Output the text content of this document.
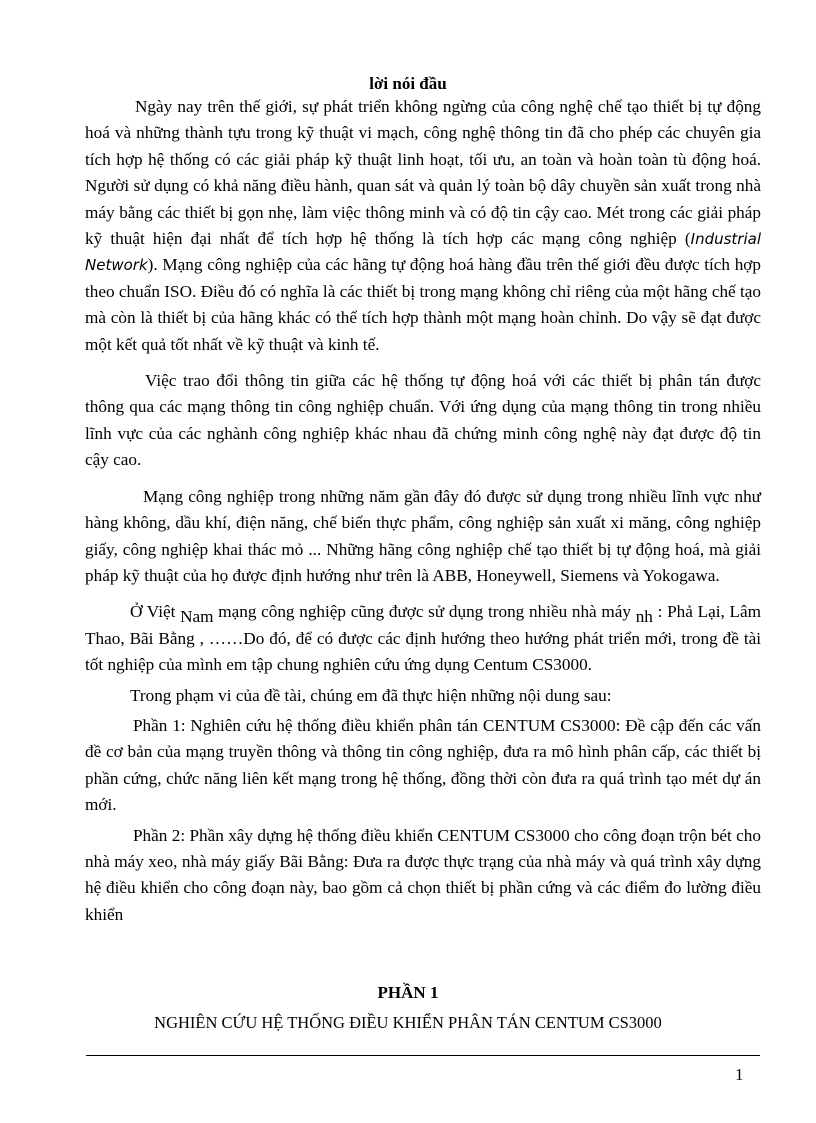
lời nói đầu

Ngày nay trên thế giới, sự phát triển không ngừng của công nghệ chế tạo thiết bị tự động hoá và những thành tựu trong kỹ thuật vi mạch, công nghệ thông tin đã cho phép các chuyên gia tích hợp hệ thống có các giải pháp kỹ thuật linh hoạt, tối ưu, an toàn và hoàn toàn tù động hoá. Người sử dụng có khả năng điều hành, quan sát và quản lý toàn bộ dây chuyền sản xuất trong nhà máy bằng các thiết bị gọn nhẹ, làm việc thông minh và có độ tin cậy cao. Mét trong các giải pháp kỹ thuật hiện đại nhất để tích hợp hệ thống là tích hợp các mạng công nghiệp (Industrial Network). Mạng công nghiệp của các hãng tự động hoá hàng đầu trên thế giới đều được tích hợp theo chuẩn ISO. Điều đó có nghĩa là các thiết bị trong mạng không chỉ riêng của một hãng chế tạo mà còn là thiết bị của hãng khác có thể tích hợp thành một mạng hoàn chỉnh. Do vậy sẽ đạt được một kết quả tốt nhất về kỹ thuật và kinh tế.

Việc trao đổi thông tin giữa các hệ thống tự động hoá với các thiết bị phân tán được thông qua các mạng thông tin công nghiệp chuẩn. Với ứng dụng của mạng thông tin trong nhiều lĩnh vực của các nghành công nghiệp khác nhau đã chứng minh công nghệ này đạt được độ tin cậy cao.

Mạng công nghiệp trong những năm gần đây đó được sử dụng trong nhiều lĩnh vực như hàng không, dầu khí, điện năng, chế biến thực phẩm, công nghiệp sản xuất xi măng, công nghiệp giấy, công nghiệp khai thác mỏ ... Những hãng công nghiệp chế tạo thiết bị tự động hoá, mà giải pháp kỹ thuật của họ được định hướng như trên là ABB, Honeywell, Siemens và Yokogawa.

Ở Việt Nam mạng công nghiệp cũng được sử dụng trong nhiều nhà máy nh : Phả Lại, Lâm Thao, Bãi Bằng , ……Do đó, để có được các định hướng theo hướng phát triển mới, trong đề tài tốt nghiệp của mình em tập chung nghiên cứu ứng dụng Centum CS3000.

Trong phạm vi của đề tài, chúng em đã thực hiện những nội dung sau:

Phần 1: Nghiên cứu hệ thống điều khiển phân tán CENTUM CS3000: Đề cập đến các vấn đề cơ bản của mạng truyền thông và thông tin công nghiệp, đưa ra mô hình phân cấp, các thiết bị phần cứng, chức năng liên kết mạng trong hệ thống, đồng thời còn đưa ra quá trình tạo mét dự án mới.

Phần 2: Phần xây dựng hệ thống điều khiển CENTUM CS3000 cho công đoạn trộn bét cho nhà máy xeo, nhà máy giấy Bãi Bằng: Đưa ra được thực trạng của nhà máy và quá trình xây dựng hệ điều khiển cho công đoạn này, bao gồm cả chọn thiết bị phần cứng và các điểm đo lường điều khiển

PHẦN 1
NGHIÊN CỨU HỆ THỐNG ĐIỀU KHIỂN PHÂN TÁN CENTUM CS3000
1
